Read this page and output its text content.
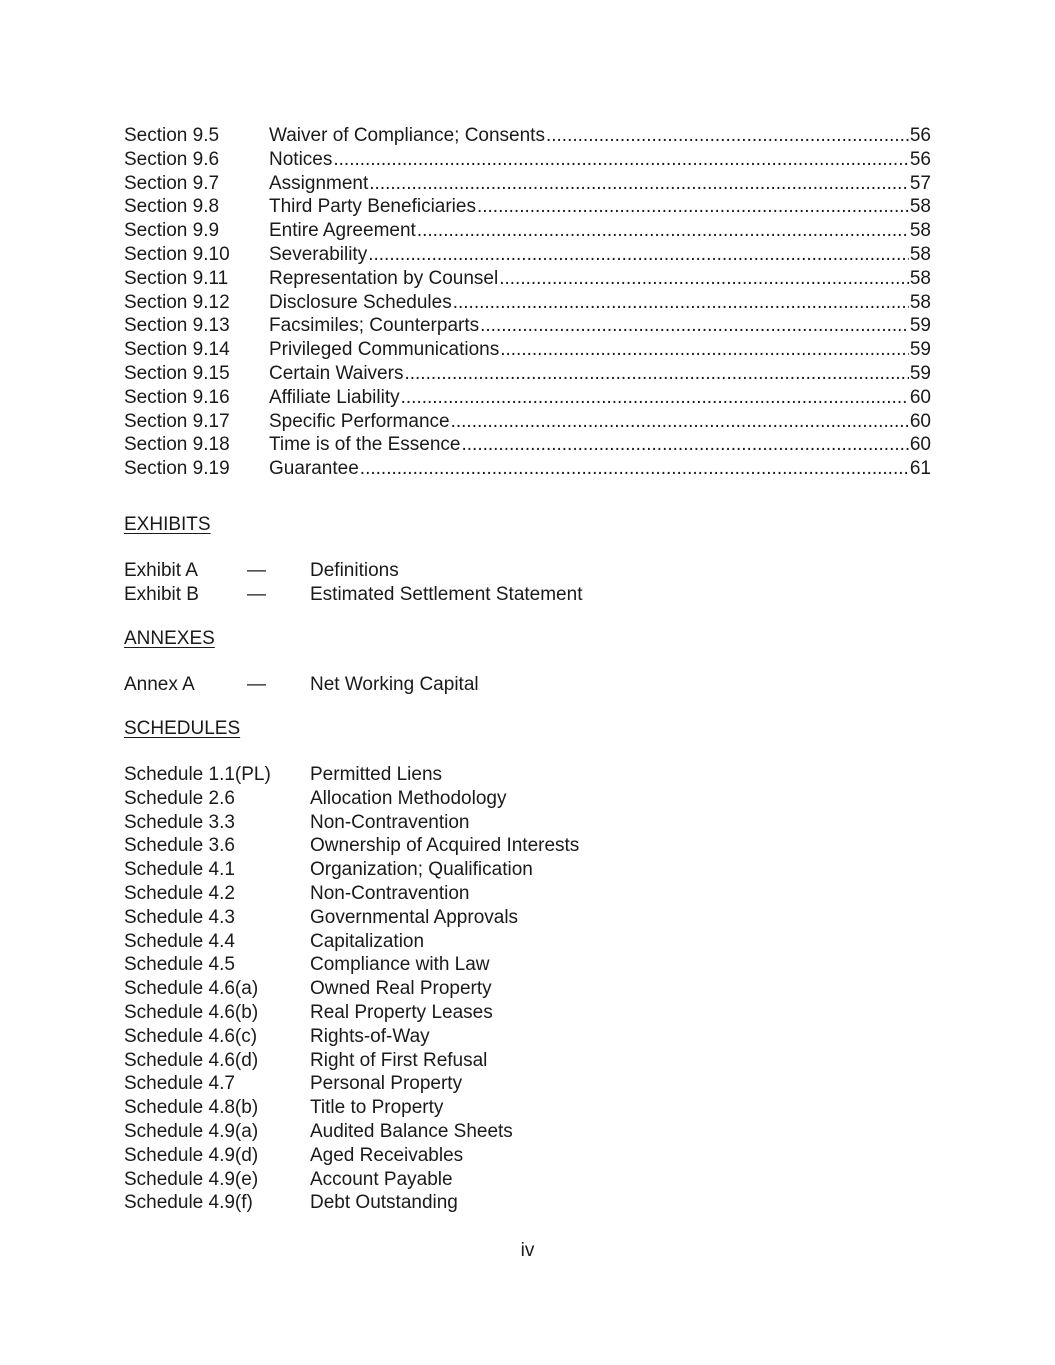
Section 9.5	Waiver of Compliance; Consents .....	56
Section 9.6	Notices .....	56
Section 9.7	Assignment .....	57
Section 9.8	Third Party Beneficiaries .....	58
Section 9.9	Entire Agreement .....	58
Section 9.10	Severability .....	58
Section 9.11	Representation by Counsel .....	58
Section 9.12	Disclosure Schedules .....	58
Section 9.13	Facsimiles; Counterparts .....	59
Section 9.14	Privileged Communications .....	59
Section 9.15	Certain Waivers .....	59
Section 9.16	Affiliate Liability .....	60
Section 9.17	Specific Performance .....	60
Section 9.18	Time is of the Essence .....	60
Section 9.19	Guarantee .....	61
EXHIBITS
Exhibit A	—	Definitions
Exhibit B	—	Estimated Settlement Statement
ANNEXES
Annex A	—	Net Working Capital
SCHEDULES
Schedule 1.1(PL)	Permitted Liens
Schedule 2.6	Allocation Methodology
Schedule 3.3	Non-Contravention
Schedule 3.6	Ownership of Acquired Interests
Schedule 4.1	Organization; Qualification
Schedule 4.2	Non-Contravention
Schedule 4.3	Governmental Approvals
Schedule 4.4	Capitalization
Schedule 4.5	Compliance with Law
Schedule 4.6(a)	Owned Real Property
Schedule 4.6(b)	Real Property Leases
Schedule 4.6(c)	Rights-of-Way
Schedule 4.6(d)	Right of First Refusal
Schedule 4.7	Personal Property
Schedule 4.8(b)	Title to Property
Schedule 4.9(a)	Audited Balance Sheets
Schedule 4.9(d)	Aged Receivables
Schedule 4.9(e)	Account Payable
Schedule 4.9(f)	Debt Outstanding
iv
